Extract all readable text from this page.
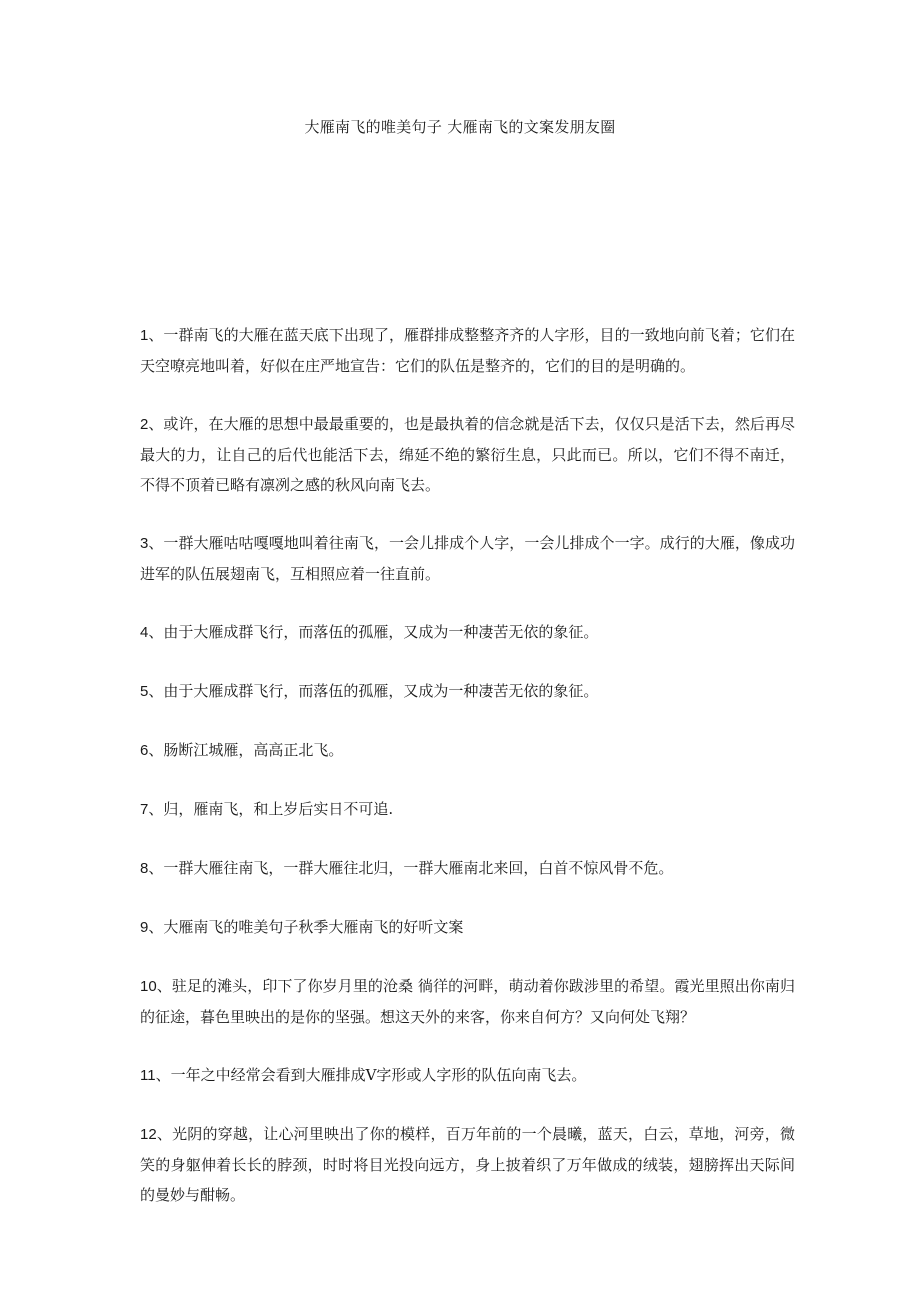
大雁南飞的唯美句子 大雁南飞的文案发朋友圈

1、一群南飞的大雁在蓝天底下出现了，雁群排成整整齐齐的人字形，目的一致地向前飞着；它们在天空嘹亮地叫着，好似在庄严地宣告：它们的队伍是整齐的，它们的目的是明确的。

2、或许，在大雁的思想中最最重要的，也是最执着的信念就是活下去，仅仅只是活下去，然后再尽最大的力，让自己的后代也能活下去，绵延不绝的繁衍生息，只此而已。所以，它们不得不南迁，不得不顶着已略有凛冽之感的秋风向南飞去。

3、一群大雁咕咕嘎嘎地叫着往南飞，一会儿排成个人字，一会儿排成个一字。成行的大雁，像成功进军的队伍展翅南飞，互相照应着一往直前。

4、由于大雁成群飞行，而落伍的孤雁，又成为一种凄苦无依的象征。

5、由于大雁成群飞行，而落伍的孤雁，又成为一种凄苦无依的象征。

6、肠断江城雁，高高正北飞。

7、归，雁南飞，和上岁后实日不可追.

8、一群大雁往南飞，一群大雁往北归，一群大雁南北来回，白首不惊风骨不危。

9、大雁南飞的唯美句子秋季大雁南飞的好听文案

10、驻足的滩头，印下了你岁月里的沧桑 徜徉的河畔，萌动着你跋涉里的希望。霞光里照出你南归的征途，暮色里映出的是你的坚强。想这天外的来客，你来自何方？又向何处飞翔？

11、一年之中经常会看到大雁排成V字形或人字形的队伍向南飞去。

12、光阴的穿越，让心河里映出了你的模样，百万年前的一个晨曦，蓝天，白云，草地，河旁，微笑的身躯伸着长长的脖颈，时时将目光投向远方，身上披着织了万年做成的绒装，翅膀挥出天际间的曼妙与酣畅。
